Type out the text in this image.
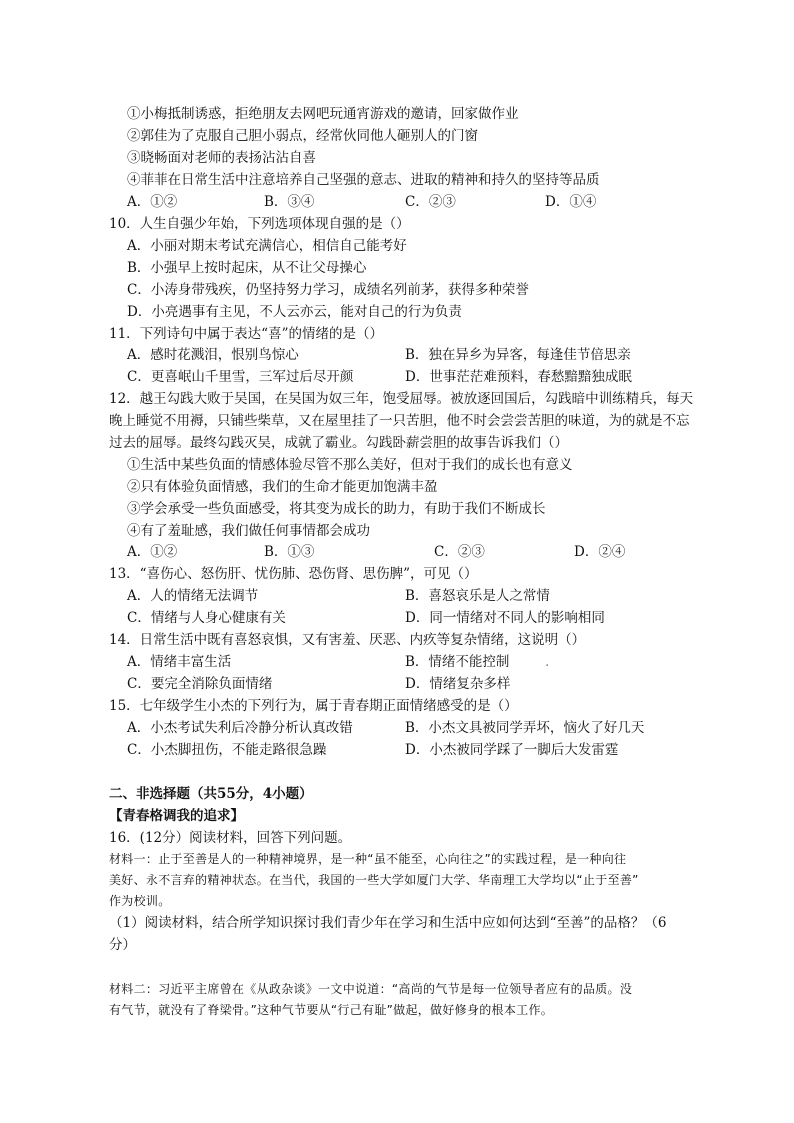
①小梅抵制诱惑，拒绝朋友去网吧玩通宵游戏的邀请，回家做作业
②郭佳为了克服自己胆小弱点，经常伙同他人砸别人的门窗
③晓畅面对老师的表扬沾沾自喜
④菲菲在日常生活中注意培养自己坚强的意志、进取的精神和持久的坚持等品质
A．①②	B．③④	C．②③	D．①④
10．人生自强少年始，下列选项体现自强的是（）
A．小丽对期末考试充满信心，相信自己能考好
B．小强早上按时起床，从不让父母操心
C．小涛身带残疾，仍坚持努力学习，成绩名列前茅，获得多种荣誉
D．小亮遇事有主见，不人云亦云，能对自己的行为负责
11．下列诗句中属于表达“喜”的情绪的是（）
A．感时花溅泪，恨别鸟惊心	B．独在异乡为异客，每逢佳节倍思亲
C．更喜岷山千里雪，三军过后尽开颜	D．世事茫茫难预料，春愁黯黯独成眠
12．越王勾践大败于吴国，在吴国为奴三年，饱受屈辱。被放逐回国后，勾践暗中训练精兵，每天
晚上睡觉不用褥，只铺些柴草，又在屋里挂了一只苦胆，他不时会尝尝苦胆的味道，为的就是不忘
过去的屈辱。最终勾践灭吴，成就了霸业。勾践卧薪尝胆的故事告诉我们（）
①生活中某些负面的情感体验尽管不那么美好，但对于我们的成长也有意义
②只有体验负面情感，我们的生命才能更加饱满丰盈
③学会承受一些负面感受，将其变为成长的助力，有助于我们不断成长
④有了羞耻感，我们做任何事情都会成功
A．①②	B．①③	C．②③	D．②④
13．“喜伤心、怒伤肝、忧伤肺、恐伤肾、思伤脾”，可见（）
A．人的情绪无法调节	B．喜怒哀乐是人之常情
C．情绪与人身心健康有关	D．同一情绪对不同人的影响相同
14．日常生活中既有喜怒哀惧，又有害羞、厌恶、内疚等复杂情绪，这说明（）
A．情绪丰富生活	B．情绪不能控制	.
C．要完全消除负面情绪	D．情绪复杂多样
15．七年级学生小杰的下列行为，属于青春期正面情绪感受的是（）
A．小杰考试失利后冷静分析认真改错	B．小杰文具被同学弄坏，恼火了好几天
C．小杰脚扭伤，不能走路很急躁	D．小杰被同学踩了一脚后大发雷霆
二、非选择题（共55分，4小题）
【青春格调我的追求】
16．(12分）阅读材料，回答下列问题。
材料一：止于至善是人的一种精神境界，是一种“虽不能至，心向往之”的实践过程，是一种向往
美好、永不言弃的精神状态。在当代，我国的一些大学如厦门大学、华南理工大学均以“止于至善”
作为校训。
（1）阅读材料，结合所学知识探讨我们青少年在学习和生活中应如何达到“至善”的品格？（6
分）
材料二：习近平主席曾在《从政杂谈》一文中说道：“高尚的气节是每一位领导者应有的品质。没
有气节，就没有了脊梁骨。”这种气节要从“行己有耻”做起，做好修身的根本工作。
